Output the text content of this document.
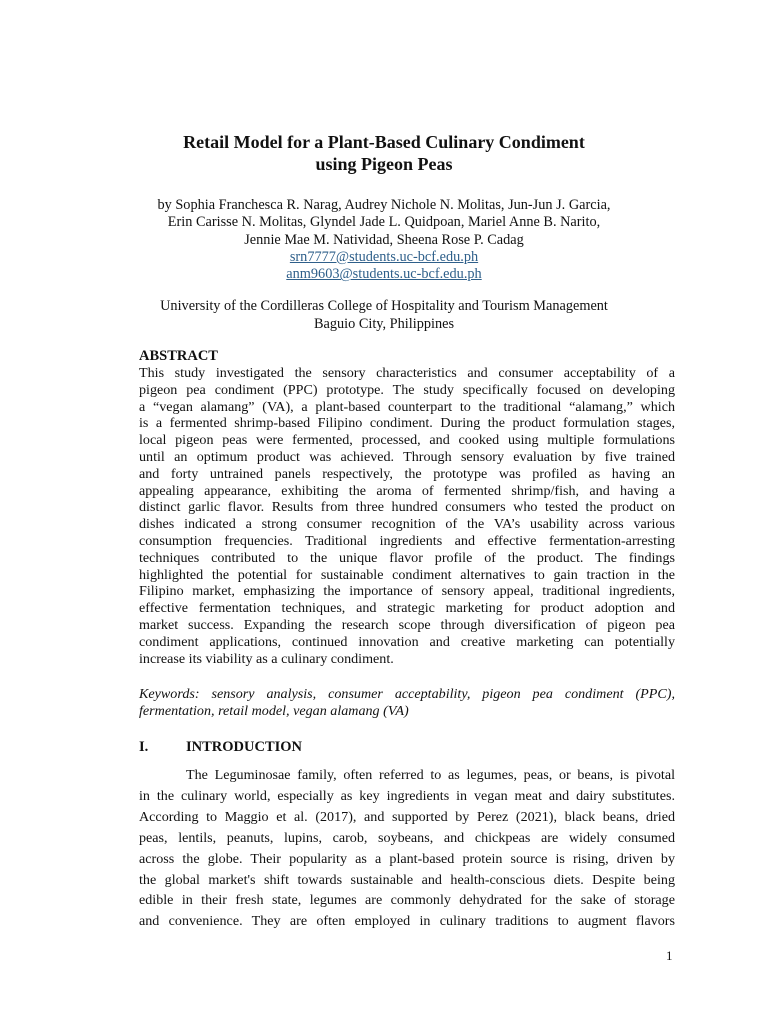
Retail Model for a Plant-Based Culinary Condiment
using Pigeon Peas
by Sophia Franchesca R. Narag, Audrey Nichole N. Molitas, Jun-Jun J. Garcia,
Erin Carisse N. Molitas, Glyndel Jade L. Quidpoan, Mariel Anne B. Narito,
Jennie Mae M. Natividad, Sheena Rose P. Cadag
srn7777@students.uc-bcf.edu.ph
anm9603@students.uc-bcf.edu.ph
University of the Cordilleras College of Hospitality and Tourism Management
Baguio City, Philippines
ABSTRACT
This study investigated the sensory characteristics and consumer acceptability of a
pigeon pea condiment (PPC) prototype. The study specifically focused on developing
a “vegan alamang” (VA), a plant-based counterpart to the traditional “alamang,” which
is a fermented shrimp-based Filipino condiment. During the product formulation stages,
local pigeon peas were fermented, processed, and cooked using multiple formulations
until an optimum product was achieved. Through sensory evaluation by five trained
and forty untrained panels respectively, the prototype was profiled as having an
appealing appearance, exhibiting the aroma of fermented shrimp/fish, and having a
distinct garlic flavor. Results from three hundred consumers who tested the product on
dishes indicated a strong consumer recognition of the VA’s usability across various
consumption frequencies. Traditional ingredients and effective fermentation-arresting
techniques contributed to the unique flavor profile of the product. The findings
highlighted the potential for sustainable condiment alternatives to gain traction in the
Filipino market, emphasizing the importance of sensory appeal, traditional ingredients,
effective fermentation techniques, and strategic marketing for product adoption and
market success. Expanding the research scope through diversification of pigeon pea
condiment applications, continued innovation and creative marketing can potentially
increase its viability as a culinary condiment.
Keywords: sensory analysis, consumer acceptability, pigeon pea condiment (PPC),
fermentation, retail model, vegan alamang (VA)
I.	INTRODUCTION
The Leguminosae family, often referred to as legumes, peas, or beans, is pivotal
in the culinary world, especially as key ingredients in vegan meat and dairy substitutes.
According to Maggio et al. (2017), and supported by Perez (2021), black beans, dried
peas, lentils, peanuts, lupins, carob, soybeans, and chickpeas are widely consumed
across the globe. Their popularity as a plant-based protein source is rising, driven by
the global market's shift towards sustainable and health-conscious diets. Despite being
edible in their fresh state, legumes are commonly dehydrated for the sake of storage
and convenience. They are often employed in culinary traditions to augment flavors
1
